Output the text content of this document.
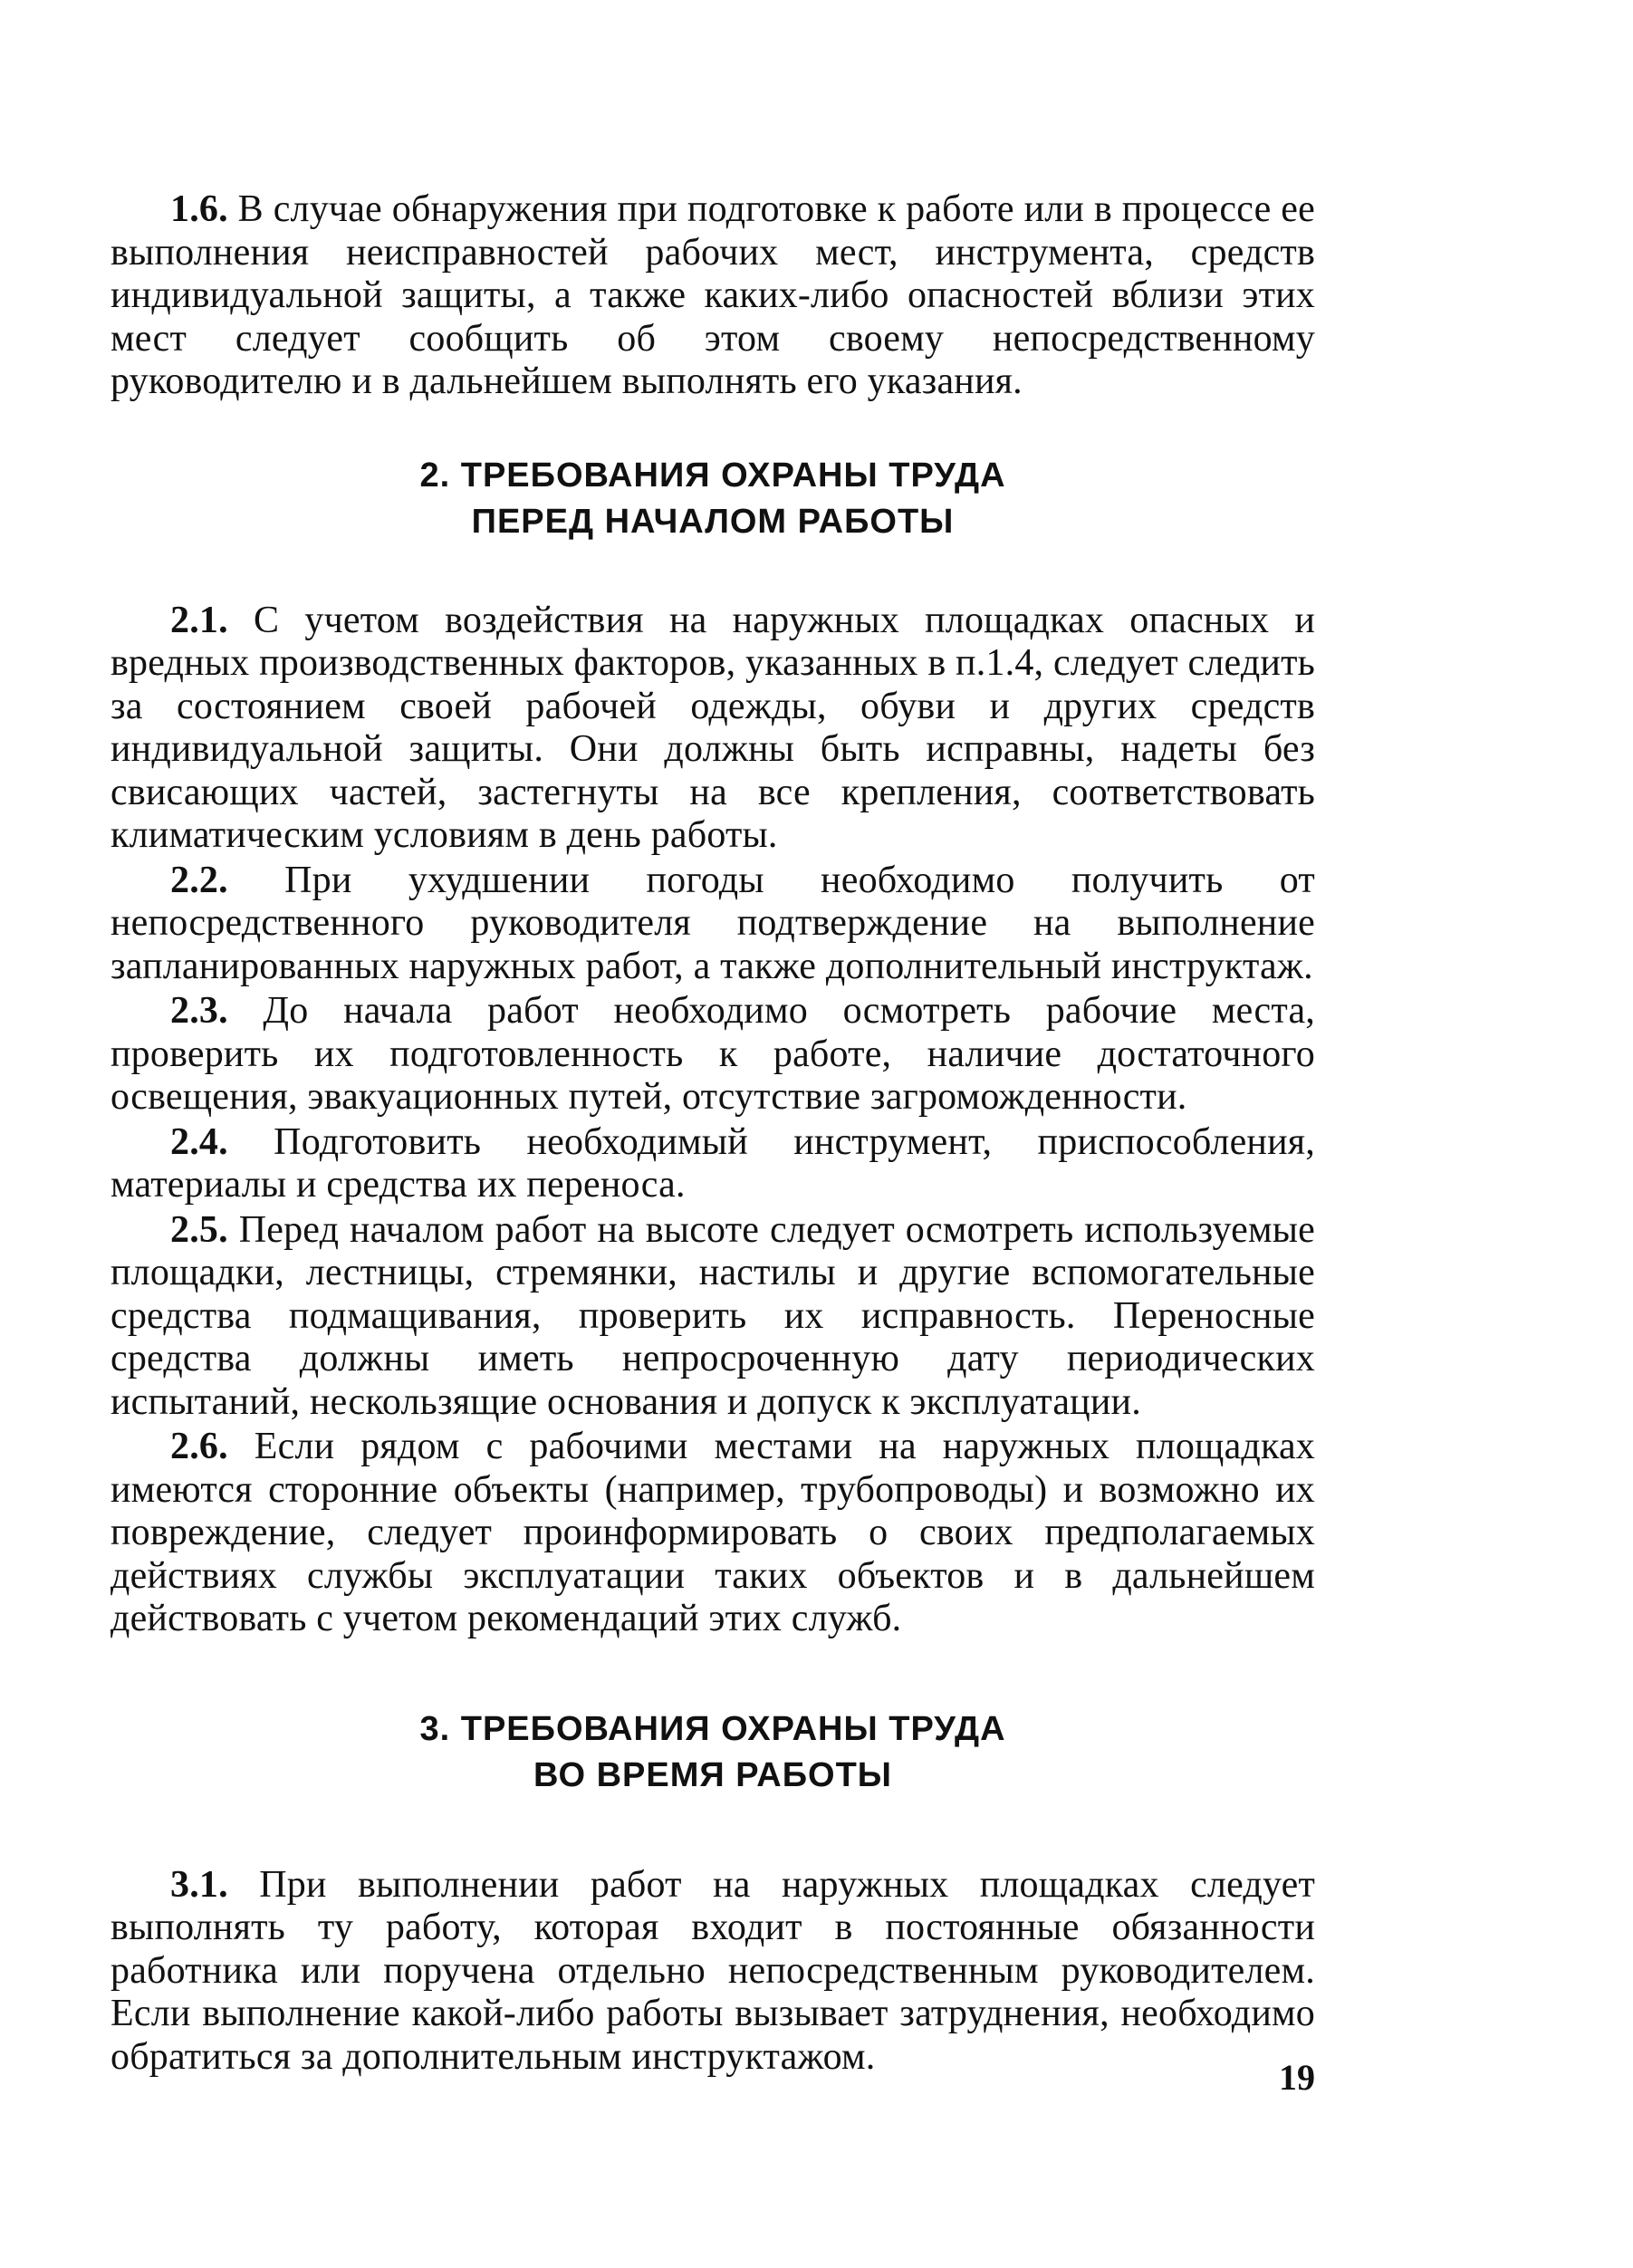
1.6. В случае обнаружения при подготовке к работе или в процессе ее выполнения неисправностей рабочих мест, инструмента, средств индивидуальной защиты, а также каких-либо опасностей вблизи этих мест следует сообщить об этом своему непосредственному руководителю и в дальнейшем выполнять его указания.

2. ТРЕБОВАНИЯ ОХРАНЫ ТРУДА
ПЕРЕД НАЧАЛОМ РАБОТЫ

2.1. С учетом воздействия на наружных площадках опасных и вредных производственных факторов, указанных в п.1.4, следует следить за состоянием своей рабочей одежды, обуви и других средств индивидуальной защиты. Они должны быть исправны, надеты без свисающих частей, застегнуты на все крепления, соответствовать климатическим условиям в день работы.

2.2. При ухудшении погоды необходимо получить от непосредственного руководителя подтверждение на выполнение запланированных наружных работ, а также дополнительный инструктаж.

2.3. До начала работ необходимо осмотреть рабочие места, проверить их подготовленность к работе, наличие достаточного освещения, эвакуационных путей, отсутствие загроможденности.

2.4. Подготовить необходимый инструмент, приспособления, материалы и средства их переноса.

2.5. Перед началом работ на высоте следует осмотреть используемые площадки, лестницы, стремянки, настилы и другие вспомогательные средства подмащивания, проверить их исправность. Переносные средства должны иметь непросроченную дату периодических испытаний, нескользящие основания и допуск к эксплуатации.

2.6. Если рядом с рабочими местами на наружных площадках имеются сторонние объекты (например, трубопроводы) и возможно их повреждение, следует проинформировать о своих предполагаемых действиях службы эксплуатации таких объектов и в дальнейшем действовать с учетом рекомендаций этих служб.

3. ТРЕБОВАНИЯ ОХРАНЫ ТРУДА
ВО ВРЕМЯ РАБОТЫ

3.1. При выполнении работ на наружных площадках следует выполнять ту работу, которая входит в постоянные обязанности работника или поручена отдельно непосредственным руководителем. Если выполнение какой-либо работы вызывает затруднения, необходимо обратиться за дополнительным инструктажом.	19
